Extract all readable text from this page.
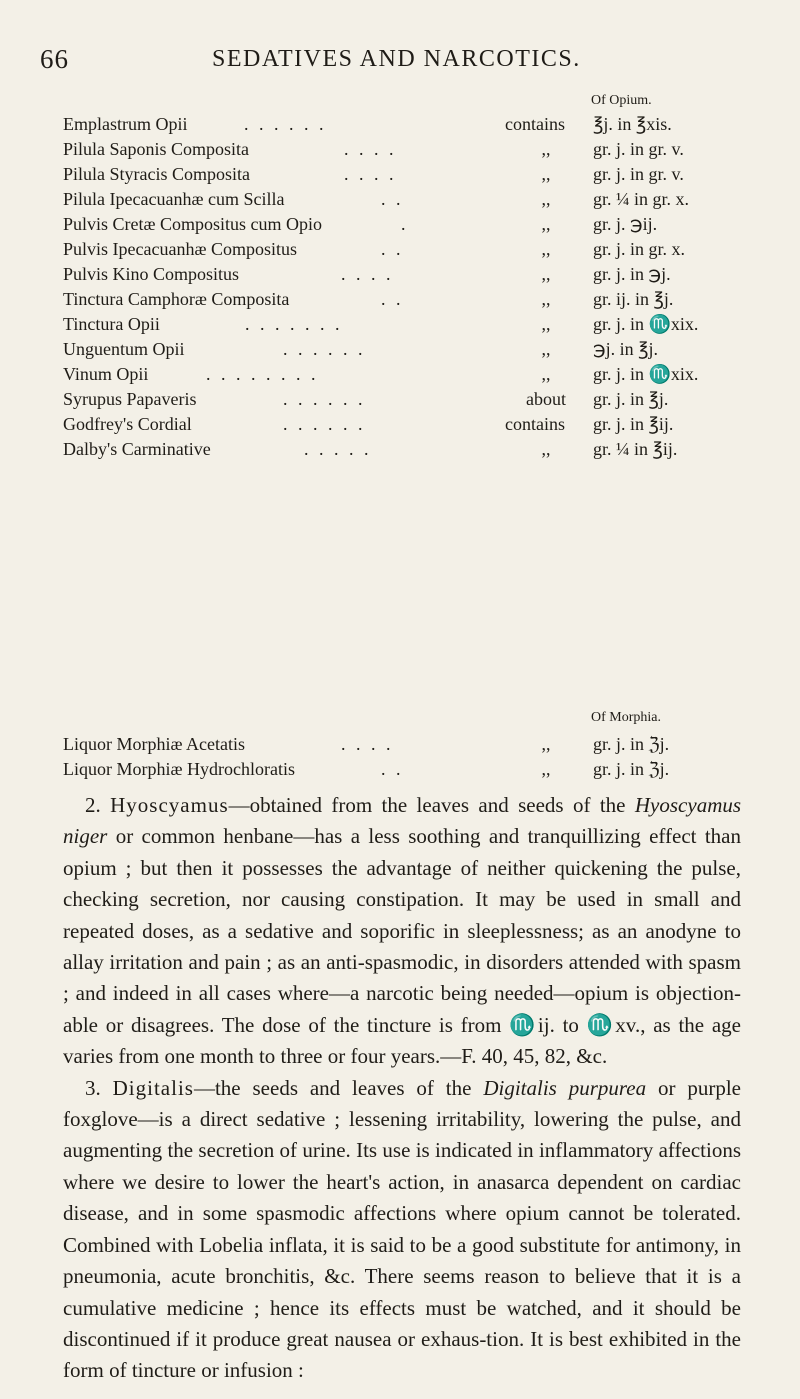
66	SEDATIVES AND NARCOTICS.
Of Opium.
Of Morphia.
Emplastrum Opii	. . . . . .	contains	℥j. in ℥xis.
Pilula Saponis Composita	. . . .	,,	gr. j. in gr. v.
Pilula Styracis Composita	. . . .	,,	gr. j. in gr. v.
Pilula Ipecacuanhæ cum Scilla	. .	,,	gr. ¼ in gr. x.
Pulvis Cretæ Compositus cum Opio	.	,,	gr. j. ℈ij.
Pulvis Ipecacuanhæ Compositus	. .	,,	gr. j. in gr. x.
Pulvis Kino Compositus	. . . .	,,	gr. j. in ℈j.
Tinctura Camphoræ Composita	. .	,,	gr. ij. in ℥j.
Tinctura Opii	. . . . . . .	,,	gr. j. in ♏xix.
Unguentum Opii	. . . . . .	,,	℈j. in ℥j.
Vinum Opii	. . . . . . . .	,,	gr. j. in ♏xix.
Syrupus Papaveris	. . . . . .	about	gr. j. in ℥j.
Godfrey's Cordial	. . . . . .	contains	gr. j. in ℥ij.
Dalby's Carminative	. . . . .	,,	gr. ¼ in ℥ij.
Liquor Morphiæ Acetatis	. . . .	,,	gr. j. in ℨj.
Liquor Morphiæ Hydrochloratis	. .	,,	gr. j. in ℨj.

2. Hyoscyamus—obtained from the leaves and seeds of the Hyoscyamus niger or common henbane—has a less soothing and tranquillizing effect than opium ; but then it possesses the advantage of neither quickening the pulse, checking secretion, nor causing constipation. It may be used in small and repeated doses, as a sedative and soporific in sleeplessness; as an anodyne to allay irritation and pain ; as an anti-spasmodic, in disorders attended with spasm ; and indeed in all cases where—a narcotic being needed—opium is objection-able or disagrees. The dose of the tincture is from ♏ij. to ♏xv., as the age varies from one month to three or four years.—F. 40, 45, 82, &c.

3. Digitalis—the seeds and leaves of the Digitalis purpurea or purple foxglove—is a direct sedative ; lessening irritability, lowering the pulse, and augmenting the secretion of urine. Its use is indicated in inflammatory affections where we desire to lower the heart's action, in anasarca dependent on cardiac disease, and in some spasmodic affections where opium cannot be tolerated. Combined with Lobelia inflata, it is said to be a good substitute for antimony, in pneumonia, acute bronchitis, &c. There seems reason to believe that it is a cumulative medicine ; hence its effects must be watched, and it should be discontinued if it produce great nausea or exhaus-tion. It is best exhibited in the form of tincture or infusion :
